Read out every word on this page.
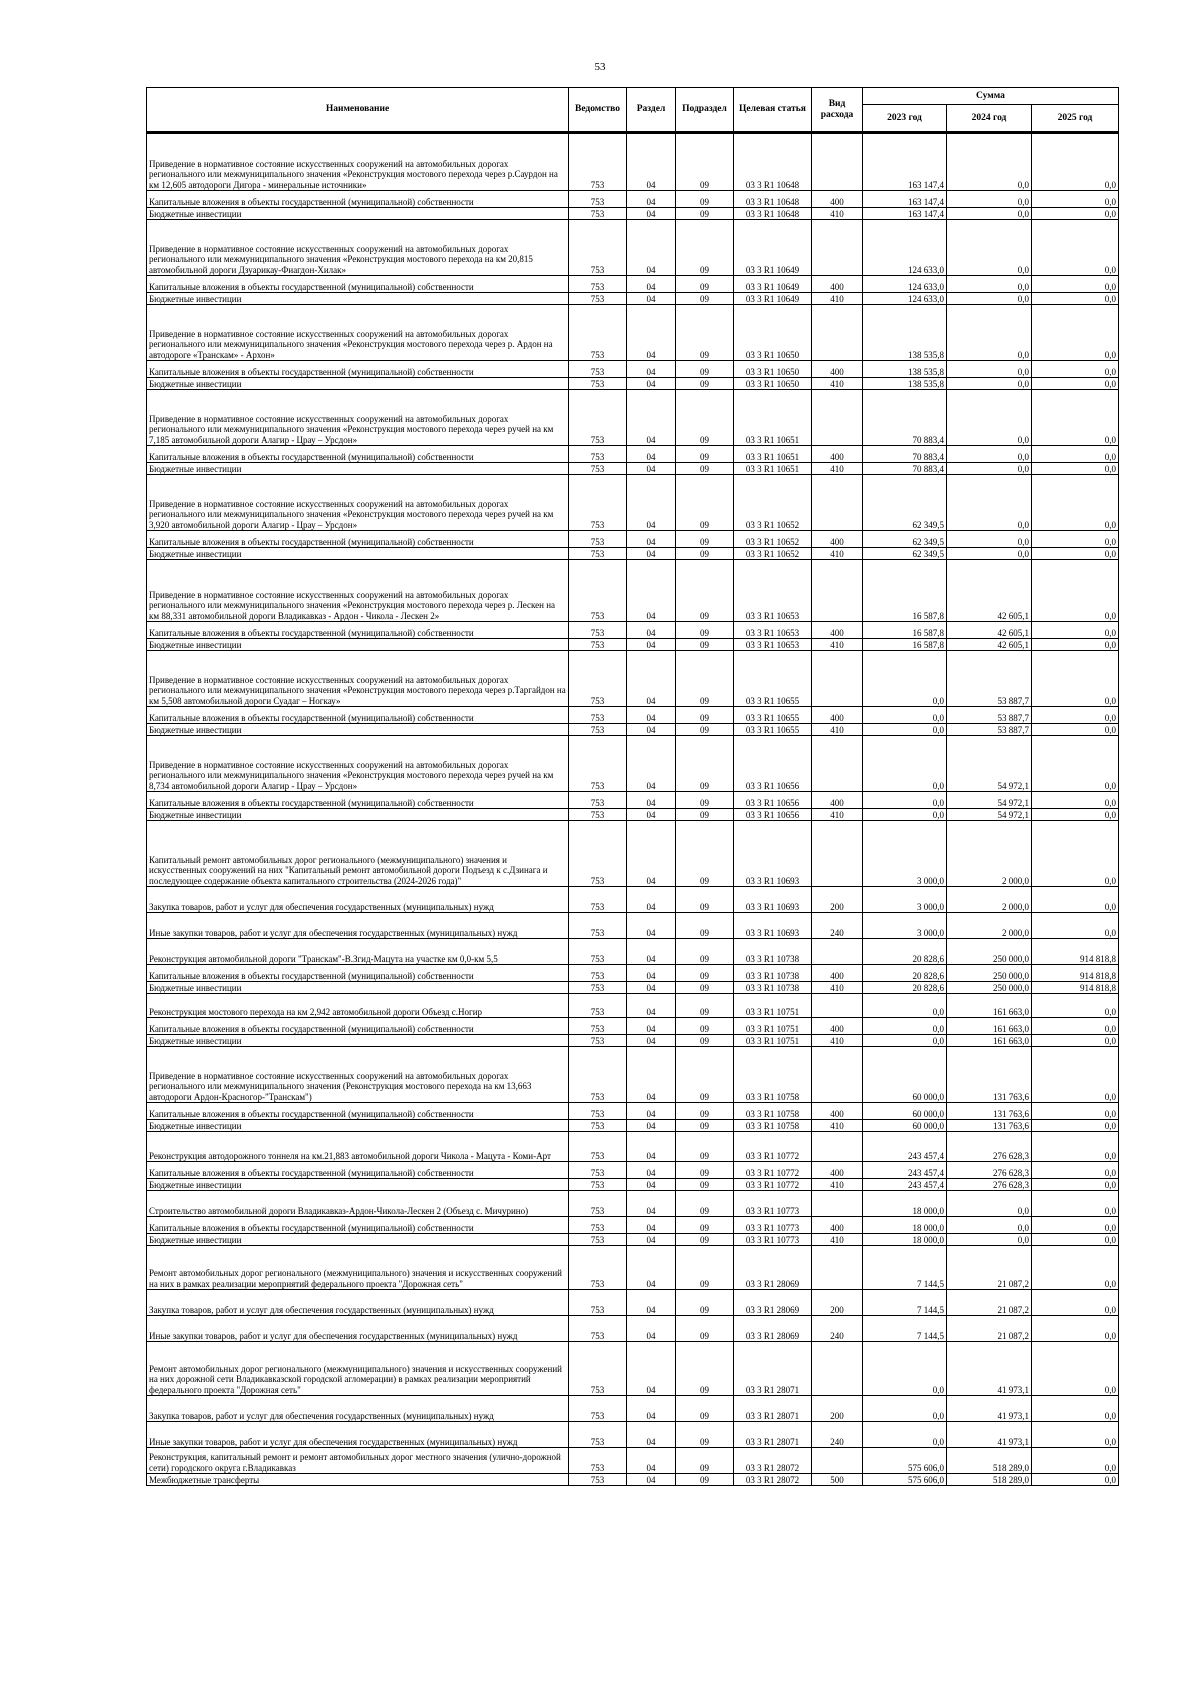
53
Наименование	Ведомство	Раздел	Подраздел	Целевая статья	Вид расхода	Сумма		
						2023 год	2024 год	2025 год
Приведение в нормативное состояние искусственных сооружений на автомобильных дорогах регионального или межмуниципального значения «Реконструкция мостового перехода через р.Саурдон на км 12,605 автодороги Дигора - минеральные источники»	753	04	09	03 3 R1 10648		163 147,4	0,0	0,0
Капитальные вложения в объекты государственной (муниципальной) собственности	753	04	09	03 3 R1 10648	400	163 147,4	0,0	0,0
Бюджетные инвестиции	753	04	09	03 3 R1 10648	410	163 147,4	0,0	0,0
Приведение в нормативное состояние искусственных сооружений на автомобильных дорогах регионального или межмуниципального значения «Реконструкция мостового перехода на км 20,815 автомобильной дороги Дзуарикау-Фиагдон-Хилак»	753	04	09	03 3 R1 10649		124 633,0	0,0	0,0
Капитальные вложения в объекты государственной (муниципальной) собственности	753	04	09	03 3 R1 10649	400	124 633,0	0,0	0,0
Бюджетные инвестиции	753	04	09	03 3 R1 10649	410	124 633,0	0,0	0,0
Приведение в нормативное состояние искусственных сооружений на автомобильных дорогах регионального или межмуниципального значения «Реконструкция мостового перехода через р. Ардон на автодороге «Транскам» - Архон»	753	04	09	03 3 R1 10650		138 535,8	0,0	0,0
Капитальные вложения в объекты государственной (муниципальной) собственности	753	04	09	03 3 R1 10650	400	138 535,8	0,0	0,0
Бюджетные инвестиции	753	04	09	03 3 R1 10650	410	138 535,8	0,0	0,0
Приведение в нормативное состояние искусственных сооружений на автомобильных дорогах регионального или межмуниципального значения «Реконструкция мостового перехода через ручей на км 7,185 автомобильной дороги Алагир - Црау – Урсдон»	753	04	09	03 3 R1 10651		70 883,4	0,0	0,0
Капитальные вложения в объекты государственной (муниципальной) собственности	753	04	09	03 3 R1 10651	400	70 883,4	0,0	0,0
Бюджетные инвестиции	753	04	09	03 3 R1 10651	410	70 883,4	0,0	0,0
Приведение в нормативное состояние искусственных сооружений на автомобильных дорогах регионального или межмуниципального значения «Реконструкция мостового перехода через ручей на км 3,920 автомобильной дороги Алагир - Црау – Урсдон»	753	04	09	03 3 R1 10652		62 349,5	0,0	0,0
Капитальные вложения в объекты государственной (муниципальной) собственности	753	04	09	03 3 R1 10652	400	62 349,5	0,0	0,0
Бюджетные инвестиции	753	04	09	03 3 R1 10652	410	62 349,5	0,0	0,0
Приведение в нормативное состояние искусственных сооружений на автомобильных дорогах регионального или межмуниципального значения «Реконструкция мостового перехода через р. Лескен на км 88,331 автомобильной дороги Владикавказ - Ардон - Чикола - Лескен 2»	753	04	09	03 3 R1 10653		16 587,8	42 605,1	0,0
Капитальные вложения в объекты государственной (муниципальной) собственности	753	04	09	03 3 R1 10653	400	16 587,8	42 605,1	0,0
Бюджетные инвестиции	753	04	09	03 3 R1 10653	410	16 587,8	42 605,1	0,0
Приведение в нормативное состояние искусственных сооружений на автомобильных дорогах регионального или межмуниципального значения «Реконструкция мостового перехода через р.Таргайдон на км 5,508 автомобильной дороги Суадаг – Ногкау»	753	04	09	03 3 R1 10655		0,0	53 887,7	0,0
Капитальные вложения в объекты государственной (муниципальной) собственности	753	04	09	03 3 R1 10655	400	0,0	53 887,7	0,0
Бюджетные инвестиции	753	04	09	03 3 R1 10655	410	0,0	53 887,7	0,0
Приведение в нормативное состояние искусственных сооружений на автомобильных дорогах регионального или межмуниципального значения «Реконструкция мостового перехода через ручей на км 8,734 автомобильной дороги Алагир - Црау – Урсдон»	753	04	09	03 3 R1 10656		0,0	54 972,1	0,0
Капитальные вложения в объекты государственной (муниципальной) собственности	753	04	09	03 3 R1 10656	400	0,0	54 972,1	0,0
Бюджетные инвестиции	753	04	09	03 3 R1 10656	410	0,0	54 972,1	0,0
Капитальный ремонт автомобильных дорог регионального (межмуниципального) значения и искусственных сооружений на них "Капитальный ремонт автомобильной дороги Подъезд к с.Дзинага и последующее содержание объекта капитального строительства (2024-2026 года)"	753	04	09	03 3 R1 10693		3 000,0	2 000,0	0,0
Закупка товаров, работ и услуг для обеспечения государственных (муниципальных) нужд	753	04	09	03 3 R1 10693	200	3 000,0	2 000,0	0,0
Иные закупки товаров, работ и услуг для обеспечения государственных (муниципальных) нужд	753	04	09	03 3 R1 10693	240	3 000,0	2 000,0	0,0
Реконструкция автомобильной дороги "Транскам"-В.Згид-Мацута на участке км 0,0-км 5,5	753	04	09	03 3 R1 10738		20 828,6	250 000,0	914 818,8
Капитальные вложения в объекты государственной (муниципальной) собственности	753	04	09	03 3 R1 10738	400	20 828,6	250 000,0	914 818,8
Бюджетные инвестиции	753	04	09	03 3 R1 10738	410	20 828,6	250 000,0	914 818,8
Реконструкция мостового перехода на км 2,942 автомобильной дороги Объезд с.Ногир	753	04	09	03 3 R1 10751		0,0	161 663,0	0,0
Капитальные вложения в объекты государственной (муниципальной) собственности	753	04	09	03 3 R1 10751	400	0,0	161 663,0	0,0
Бюджетные инвестиции	753	04	09	03 3 R1 10751	410	0,0	161 663,0	0,0
Приведение в нормативное состояние искусственных сооружений на автомобильных дорогах регионального или межмуниципального значения (Реконструкция мостового перехода на км 13,663 автодороги Ардон-Красногор-"Транскам")	753	04	09	03 3 R1 10758		60 000,0	131 763,6	0,0
Капитальные вложения в объекты государственной (муниципальной) собственности	753	04	09	03 3 R1 10758	400	60 000,0	131 763,6	0,0
Бюджетные инвестиции	753	04	09	03 3 R1 10758	410	60 000,0	131 763,6	0,0
Реконструкция автодорожного тоннеля на км.21,883 автомобильной дороги Чикола - Мацута - Коми-Арт	753	04	09	03 3 R1 10772		243 457,4	276 628,3	0,0
Капитальные вложения в объекты государственной (муниципальной) собственности	753	04	09	03 3 R1 10772	400	243 457,4	276 628,3	0,0
Бюджетные инвестиции	753	04	09	03 3 R1 10772	410	243 457,4	276 628,3	0,0
Строительство автомобильной дороги Владикавказ-Ардон-Чикола-Лескен 2 (Объезд с. Мичурино)	753	04	09	03 3 R1 10773		18 000,0	0,0	0,0
Капитальные вложения в объекты государственной (муниципальной) собственности	753	04	09	03 3 R1 10773	400	18 000,0	0,0	0,0
Бюджетные инвестиции	753	04	09	03 3 R1 10773	410	18 000,0	0,0	0,0
Ремонт автомобильных дорог регионального (межмуниципального) значения и искусственных сооружений на них в рамках реализации мероприятий федерального проекта "Дорожная сеть"	753	04	09	03 3 R1 28069		7 144,5	21 087,2	0,0
Закупка товаров, работ и услуг для обеспечения государственных (муниципальных) нужд	753	04	09	03 3 R1 28069	200	7 144,5	21 087,2	0,0
Иные закупки товаров, работ и услуг для обеспечения государственных (муниципальных) нужд	753	04	09	03 3 R1 28069	240	7 144,5	21 087,2	0,0
Ремонт автомобильных дорог регионального (межмуниципального) значения и искусственных сооружений на них дорожной сети Владикавказской городской агломерации) в рамках реализации мероприятий федерального проекта "Дорожная сеть"	753	04	09	03 3 R1 28071		0,0	41 973,1	0,0
Закупка товаров, работ и услуг для обеспечения государственных (муниципальных) нужд	753	04	09	03 3 R1 28071	200	0,0	41 973,1	0,0
Иные закупки товаров, работ и услуг для обеспечения государственных (муниципальных) нужд	753	04	09	03 3 R1 28071	240	0,0	41 973,1	0,0
Реконструкция, капитальный ремонт и ремонт автомобильных дорог местного значения (улично-дорожной сети) городского округа г.Владикавказ	753	04	09	03 3 R1 28072		575 606,0	518 289,0	0,0
Межбюджетные трансферты	753	04	09	03 3 R1 28072	500	575 606,0	518 289,0	0,0
